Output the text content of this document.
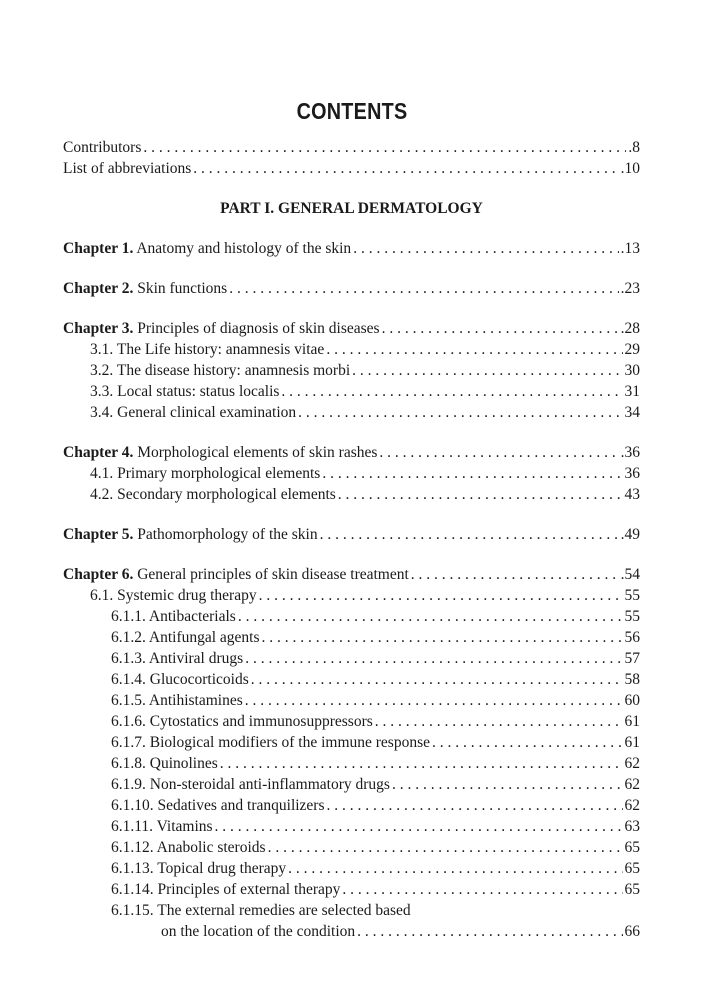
CONTENTS
Contributors . . .	.8
List of abbreviations . . .	.10
PART I. GENERAL DERMATOLOGY
Chapter 1. Anatomy and histology of the skin . . .	.13
Chapter 2. Skin functions . . .	.23
Chapter 3. Principles of diagnosis of skin diseases . . .	.28
3.1. The Life history: anamnesis vitae . . .	29
3.2. The disease history: anamnesis morbi . . .	30
3.3. Local status: status localis . . .	31
3.4. General clinical examination . . .	34
Chapter 4. Morphological elements of skin rashes . . .	.36
4.1. Primary morphological elements . . .	36
4.2. Secondary morphological elements . . .	43
Chapter 5. Pathomorphology of the skin . . .	.49
Chapter 6. General principles of skin disease treatment . . .	.54
6.1. Systemic drug therapy . . .	55
6.1.1. Antibacterials . . .	55
6.1.2. Antifungal agents . . .	56
6.1.3. Antiviral drugs . . .	57
6.1.4. Glucocorticoids . . .	58
6.1.5. Antihistamines . . .	60
6.1.6. Cytostatics and immunosuppressors . . .	61
6.1.7. Biological modifiers of the immune response . . .	61
6.1.8. Quinolines . . .	62
6.1.9. Non-steroidal anti-inflammatory drugs . . .	62
6.1.10. Sedatives and tranquilizers . . .	62
6.1.11. Vitamins . . .	63
6.1.12. Anabolic steroids . . .	65
6.1.13. Topical drug therapy . . .	65
6.1.14. Principles of external therapy . . .	65
6.1.15. The external remedies are selected based
on the location of the condition . . .	66
